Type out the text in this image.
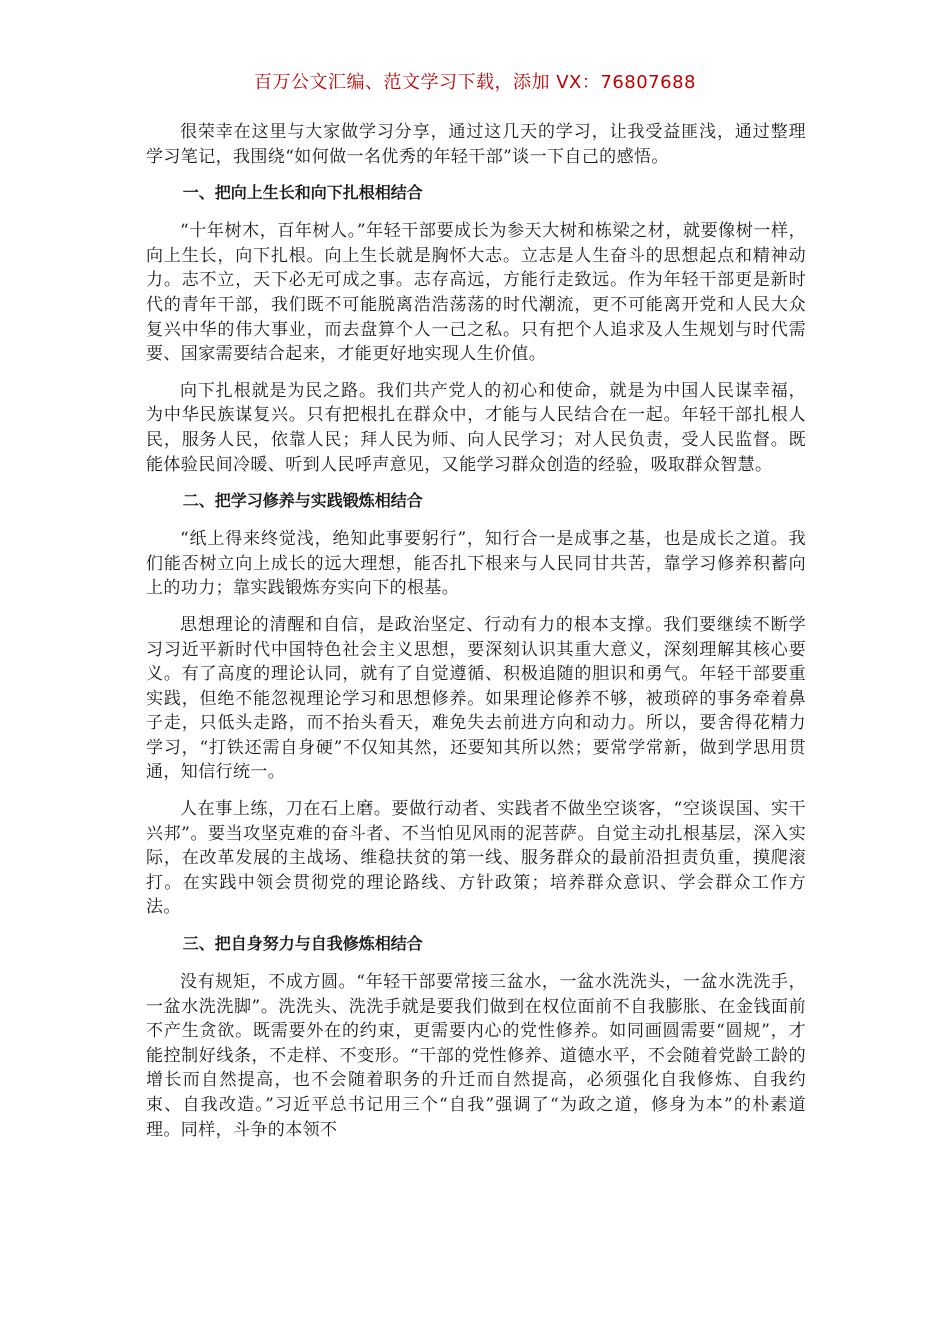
百万公文汇编、范文学习下载，添加 VX：76807688

很荣幸在这里与大家做学习分享，通过这几天的学习，让我受益匪浅，通过整理学习笔记，我围绕“如何做一名优秀的年轻干部”谈一下自己的感悟。

一、把向上生长和向下扎根相结合

“十年树木，百年树人。”年轻干部要成长为参天大树和栋梁之材，就要像树一样，向上生长，向下扎根。向上生长就是胸怀大志。立志是人生奋斗的思想起点和精神动力。志不立，天下必无可成之事。志存高远，方能行走致远。作为年轻干部更是新时代的青年干部，我们既不可能脱离浩浩荡荡的时代潮流，更不可能离开党和人民大众复兴中华的伟大事业，而去盘算个人一己之私。只有把个人追求及人生规划与时代需要、国家需要结合起来，才能更好地实现人生价值。

向下扎根就是为民之路。我们共产党人的初心和使命，就是为中国人民谋幸福，为中华民族谋复兴。只有把根扎在群众中，才能与人民结合在一起。年轻干部扎根人民，服务人民，依靠人民；拜人民为师、向人民学习；对人民负责，受人民监督。既能体验民间冷暖、听到人民呼声意见，又能学习群众创造的经验，吸取群众智慧。

二、把学习修养与实践锻炼相结合

“纸上得来终觉浅，绝知此事要躬行”，知行合一是成事之基，也是成长之道。我们能否树立向上成长的远大理想，能否扎下根来与人民同甘共苦，靠学习修养积蓄向上的功力；靠实践锻炼夯实向下的根基。

思想理论的清醒和自信，是政治坚定、行动有力的根本支撑。我们要继续不断学习习近平新时代中国特色社会主义思想，要深刻认识其重大意义，深刻理解其核心要义。有了高度的理论认同，就有了自觉遵循、积极追随的胆识和勇气。年轻干部要重实践，但绝不能忽视理论学习和思想修养。如果理论修养不够，被琐碎的事务牵着鼻子走，只低头走路，而不抬头看天，难免失去前进方向和动力。所以，要舍得花精力学习，“打铁还需自身硬”不仅知其然，还要知其所以然；要常学常新，做到学思用贯通，知信行统一。

人在事上练，刀在石上磨。要做行动者、实践者不做坐空谈客，“空谈误国、实干兴邦”。要当攻坚克难的奋斗者、不当怕见风雨的泥菩萨。自觉主动扎根基层，深入实际，在改革发展的主战场、维稳扶贫的第一线、服务群众的最前沿担责负重，摸爬滚打。在实践中领会贯彻党的理论路线、方针政策；培养群众意识、学会群众工作方法。

三、把自身努力与自我修炼相结合

没有规矩，不成方圆。“年轻干部要常接三盆水，一盆水洗洗头，一盆水洗洗手，一盆水洗洗脚”。洗洗头、洗洗手就是要我们做到在权位面前不自我膨胀、在金钱面前不产生贪欲。既需要外在的约束，更需要内心的党性修养。如同画圆需要“圆规”，才能控制好线条，不走样、不变形。“干部的党性修养、道德水平，不会随着党龄工龄的增长而自然提高，也不会随着职务的升迁而自然提高，必须强化自我修炼、自我约束、自我改造。”习近平总书记用三个“自我”强调了“为政之道，修身为本”的朴素道理。同样，斗争的本领不
